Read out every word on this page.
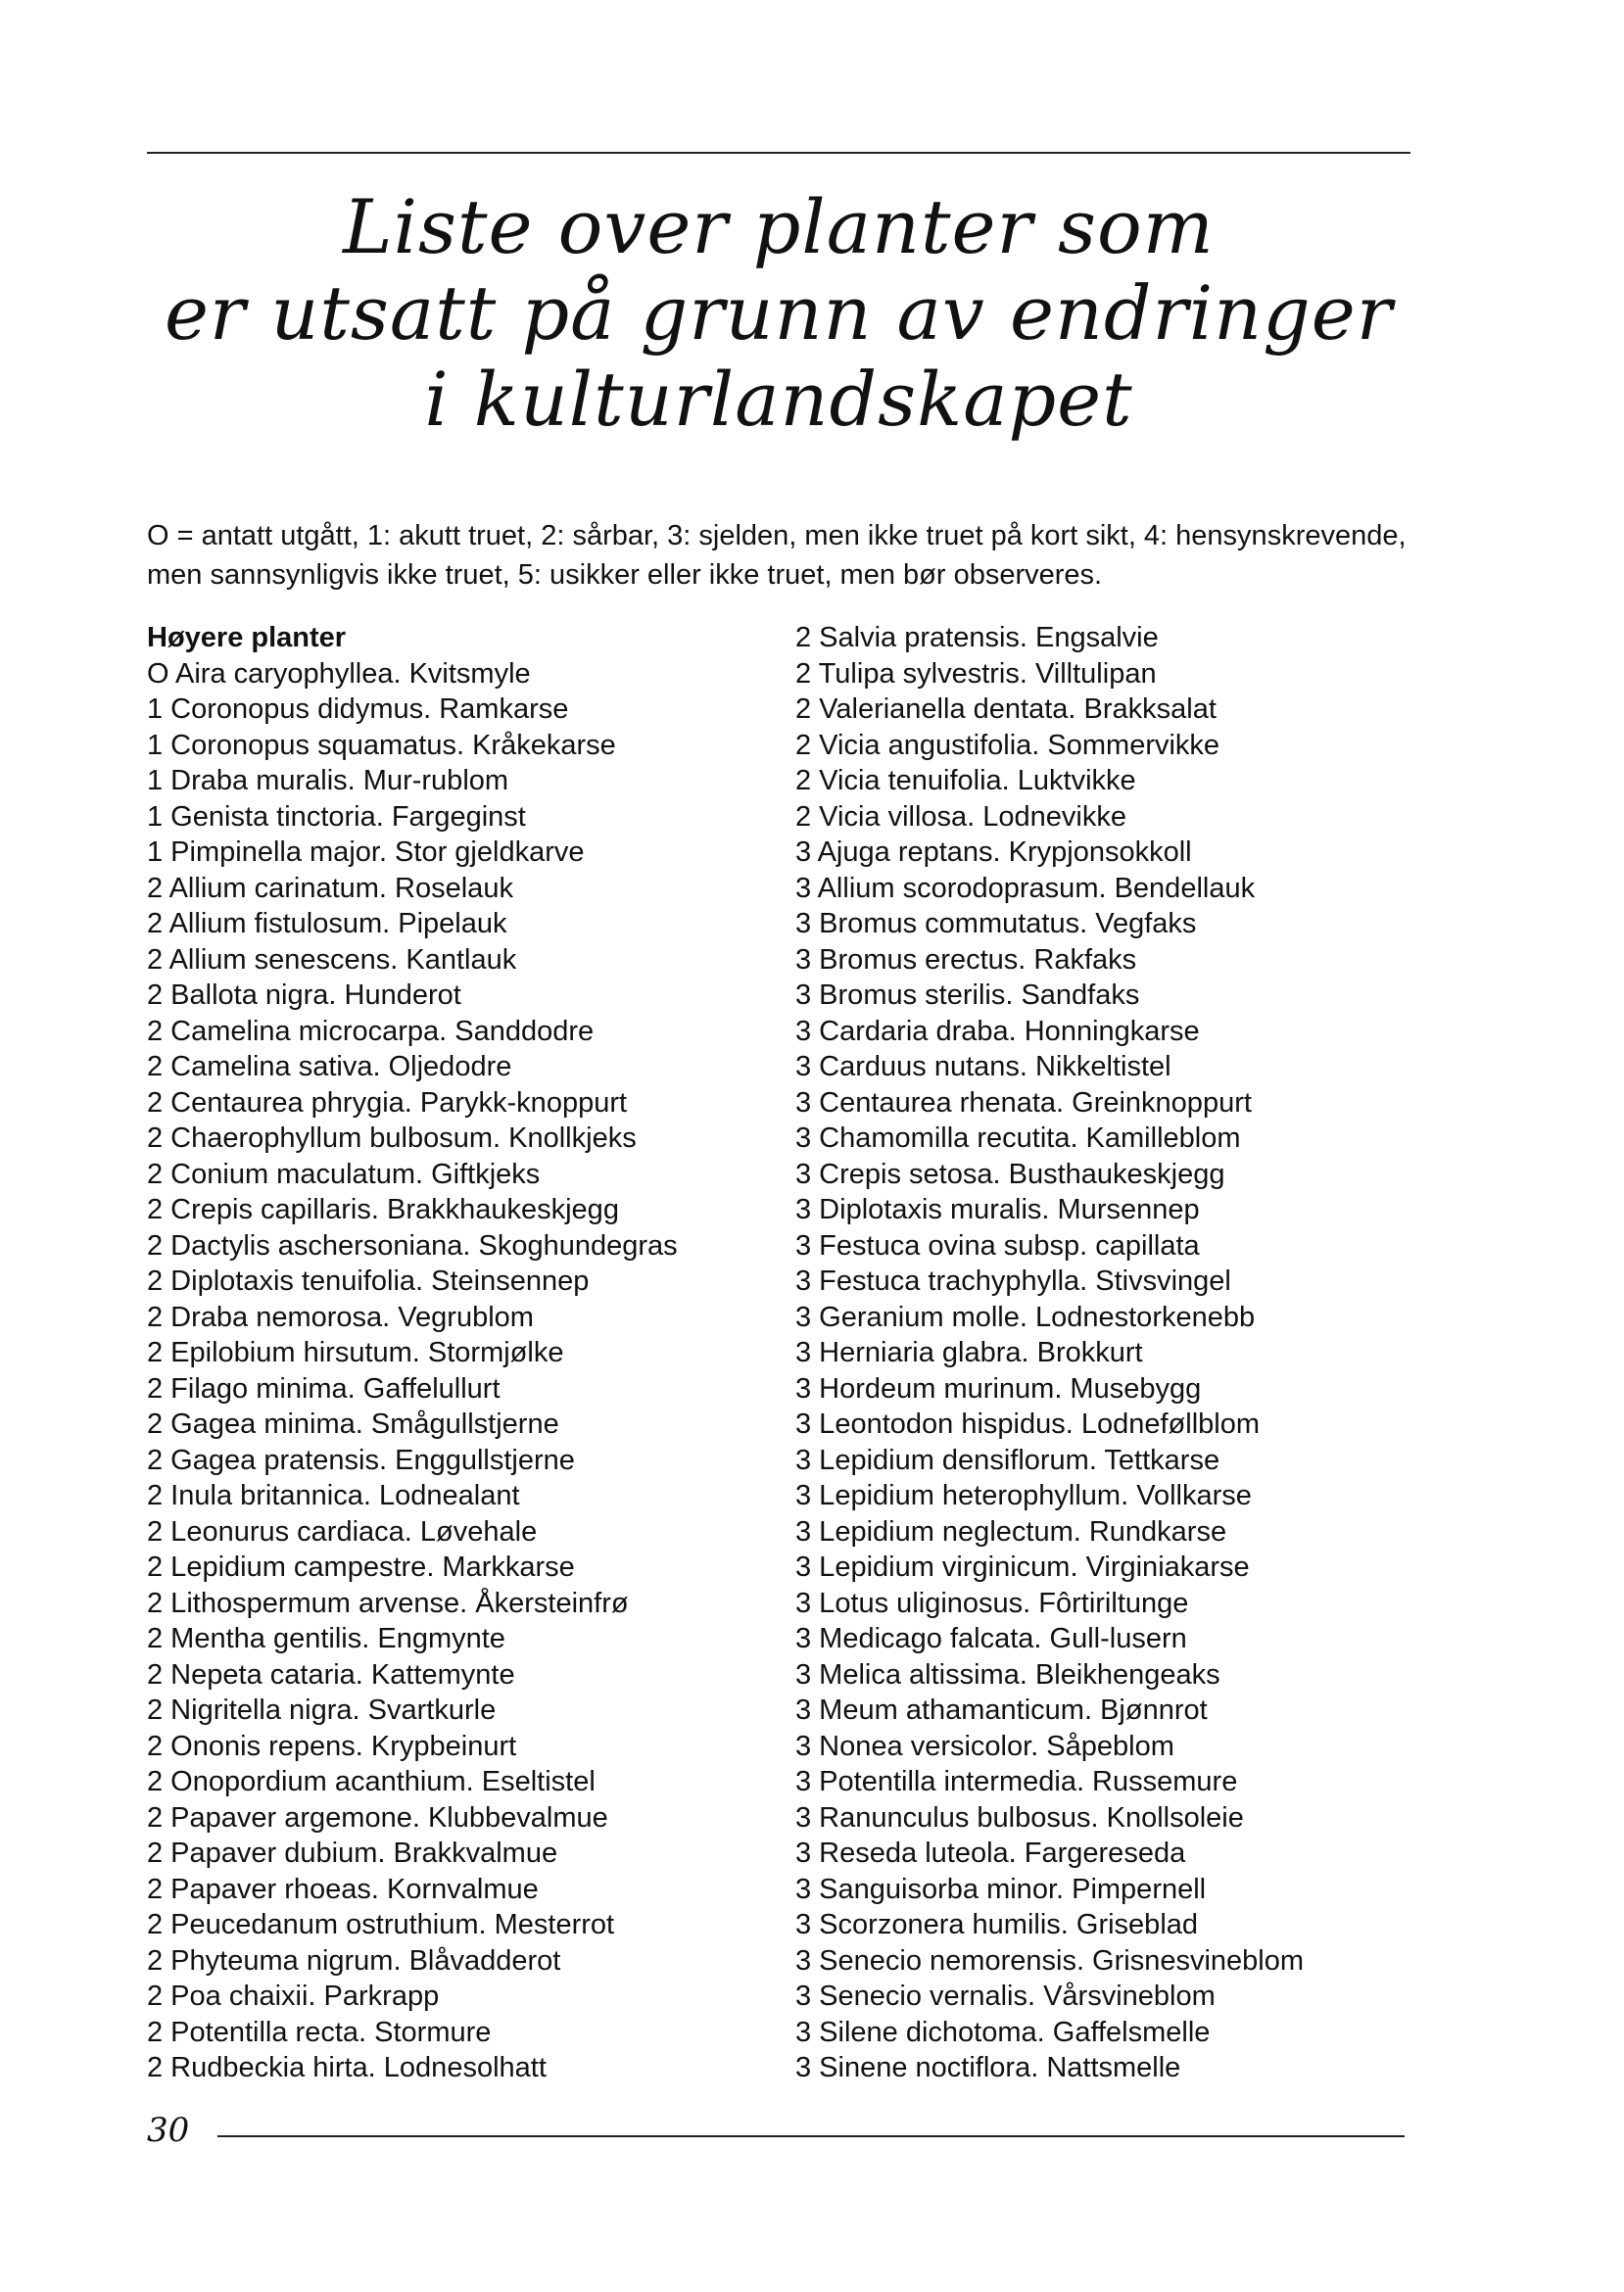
Liste over planter som
er utsatt på grunn av endringer
i kulturlandskapet
O = antatt utgått, 1: akutt truet, 2: sårbar, 3: sjelden, men ikke truet på kort sikt, 4: hensynskrevende,
men sannsynligvis ikke truet, 5: usikker eller ikke truet, men bør observeres.
Høyere planter
O Aira caryophyllea. Kvitsmyle
1 Coronopus didymus. Ramkarse
1 Coronopus squamatus. Kråkekarse
1 Draba muralis. Mur-rublom
1 Genista tinctoria. Fargeginst
1 Pimpinella major. Stor gjeldkarve
2 Allium carinatum. Roselauk
2 Allium fistulosum. Pipelauk
2 Allium senescens. Kantlauk
2 Ballota nigra. Hunderot
2 Camelina microcarpa. Sanddodre
2 Camelina sativa. Oljedodre
2 Centaurea phrygia. Parykk-knoppurt
2 Chaerophyllum bulbosum. Knollkjeks
2 Conium maculatum. Giftkjeks
2 Crepis capillaris. Brakkhaukeskjegg
2 Dactylis aschersoniana. Skoghundegras
2 Diplotaxis tenuifolia. Steinsennep
2 Draba nemorosa. Vegrublom
2 Epilobium hirsutum. Stormjølke
2 Filago minima. Gaffelullurt
2 Gagea minima. Smågullstjerne
2 Gagea pratensis. Enggullstjerne
2 Inula britannica. Lodnealant
2 Leonurus cardiaca. Løvehale
2 Lepidium campestre. Markkarse
2 Lithospermum arvense. Åkersteinfrø
2 Mentha gentilis. Engmynte
2 Nepeta cataria. Kattemynte
2 Nigritella nigra. Svartkurle
2 Ononis repens. Krypbeinurt
2 Onopordium acanthium. Eseltistel
2 Papaver argemone. Klubbevalmue
2 Papaver dubium. Brakkvalmue
2 Papaver rhoeas. Kornvalmue
2 Peucedanum ostruthium. Mesterrot
2 Phyteuma nigrum. Blåvadderot
2 Poa chaixii. Parkrapp
2 Potentilla recta. Stormure
2 Rudbeckia hirta. Lodnesolhatt
2 Salvia pratensis. Engsalvie
2 Tulipa sylvestris. Villtulipan
2 Valerianella dentata. Brakksalat
2 Vicia angustifolia. Sommervikke
2 Vicia tenuifolia. Luktvikke
2 Vicia villosa. Lodnevikke
3 Ajuga reptans. Krypjonsokkoll
3 Allium scorodoprasum. Bendellauk
3 Bromus commutatus. Vegfaks
3 Bromus erectus. Rakfaks
3 Bromus sterilis. Sandfaks
3 Cardaria draba. Honningkarse
3 Carduus nutans. Nikkeltistel
3 Centaurea rhenata. Greinknoppurt
3 Chamomilla recutita. Kamilleblom
3 Crepis setosa. Busthaukeskjegg
3 Diplotaxis muralis. Mursennep
3 Festuca ovina subsp. capillata
3 Festuca trachyphylla. Stivsvingel
3 Geranium molle. Lodnestorkenebb
3 Herniaria glabra. Brokkurt
3 Hordeum murinum. Musebygg
3 Leontodon hispidus. Lodneføllblom
3 Lepidium densiflorum. Tettkarse
3 Lepidium heterophyllum. Vollkarse
3 Lepidium neglectum. Rundkarse
3 Lepidium virginicum. Virginiakarse
3 Lotus uliginosus. Fôrtiriltunge
3 Medicago falcata. Gull-lusern
3 Melica altissima. Bleikhengeaks
3 Meum athamanticum. Bjønnrot
3 Nonea versicolor. Såpeblom
3 Potentilla intermedia. Russemure
3 Ranunculus bulbosus. Knollsoleie
3 Reseda luteola. Fargereseda
3 Sanguisorba minor. Pimpernell
3 Scorzonera humilis. Griseblad
3 Senecio nemorensis. Grisnesvineblom
3 Senecio vernalis. Vårsvineblom
3 Silene dichotoma. Gaffelsmelle
3 Sinene noctiflora. Nattsmelle
30
